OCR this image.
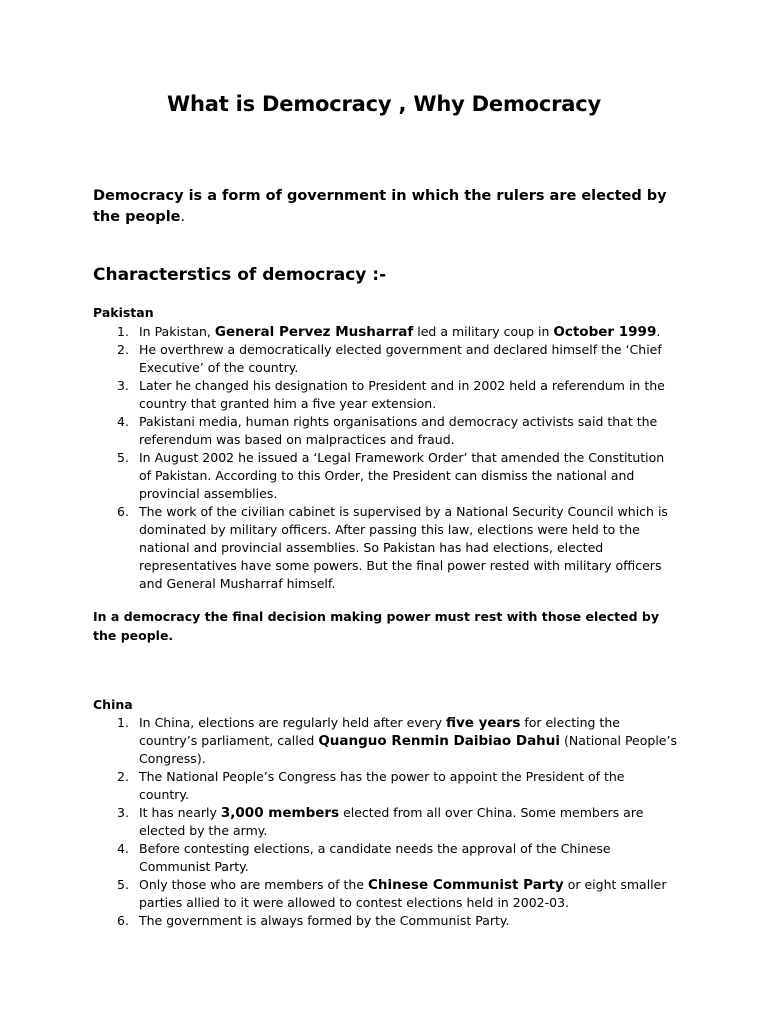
What is Democracy , Why Democracy
Democracy is a form of government in which the rulers are elected by the people.
Characterstics of democracy :-
Pakistan
1. In Pakistan, General Pervez Musharraf led a military coup in October 1999.
2. He overthrew a democratically elected government and declared himself the ‘Chief Executive’ of the country.
3. Later he changed his designation to President and in 2002 held a referendum in the country that granted him a five year extension.
4. Pakistani media, human rights organisations and democracy activists said that the referendum was based on malpractices and fraud.
5. In August 2002 he issued a ‘Legal Framework Order’ that amended the Constitution of Pakistan. According to this Order, the President can dismiss the national and provincial assemblies.
6. The work of the civilian cabinet is supervised by a National Security Council which is dominated by military officers. After passing this law, elections were held to the national and provincial assemblies. So Pakistan has had elections, elected representatives have some powers. But the final power rested with military officers and General Musharraf himself.
In a democracy the final decision making power must rest with those elected by the people.
China
1. In China, elections are regularly held after every five years for electing the country’s parliament, called Quanguo Renmin Daibiao Dahui (National People’s Congress).
2. The National People’s Congress has the power to appoint the President of the country.
3. It has nearly 3,000 members elected from all over China. Some members are elected by the army.
4. Before contesting elections, a candidate needs the approval of the Chinese Communist Party.
5. Only those who are members of the Chinese Communist Party or eight smaller parties allied to it were allowed to contest elections held in 2002-03.
6. The government is always formed by the Communist Party.
